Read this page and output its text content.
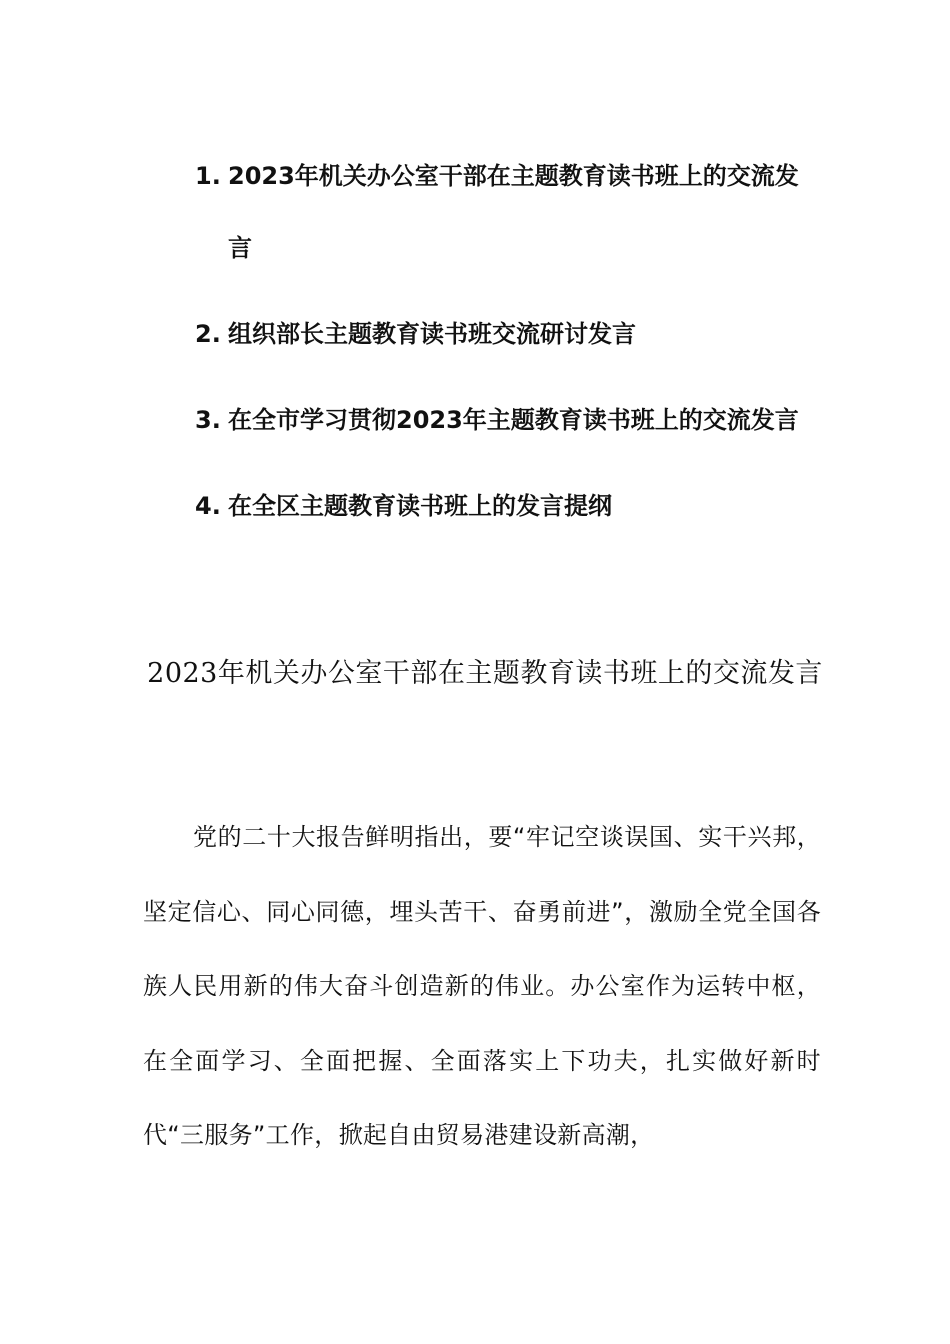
1. 2023年机关办公室干部在主题教育读书班上的交流发言
2. 组织部长主题教育读书班交流研讨发言
3. 在全市学习贯彻2023年主题教育读书班上的交流发言
4. 在全区主题教育读书班上的发言提纲
2023年机关办公室干部在主题教育读书班上的交流发言

党的二十大报告鲜明指出，要“牢记空谈误国、实干兴邦，坚定信心、同心同德，埋头苦干、奋勇前进”，激励全党全国各族人民用新的伟大奋斗创造新的伟业。办公室作为运转中枢，在全面学习、全面把握、全面落实上下功夫，扎实做好新时代“三服务”工作，掀起自由贸易港建设新高潮，
